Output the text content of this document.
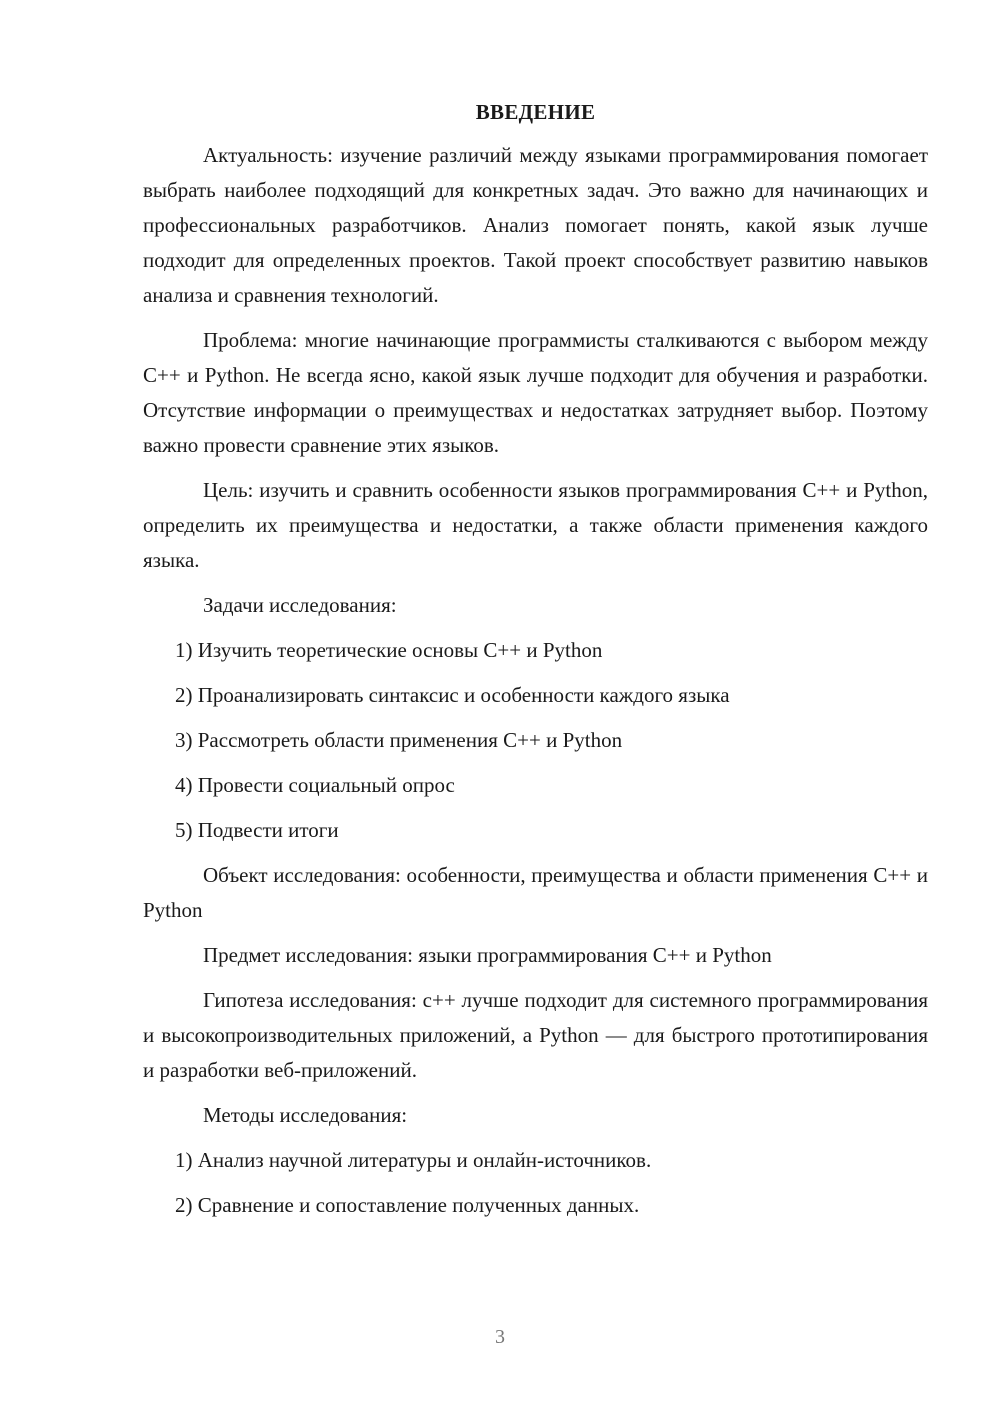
ВВЕДЕНИЕ

Актуальность: изучение различий между языками программирования помогает выбрать наиболее подходящий для конкретных задач. Это важно для начинающих и профессиональных разработчиков. Анализ помогает понять, какой язык лучше подходит для определенных проектов. Такой проект способствует развитию навыков анализа и сравнения технологий.

Проблема: многие начинающие программисты сталкиваются с выбором между C++ и Python. Не всегда ясно, какой язык лучше подходит для обучения и разработки. Отсутствие информации о преимуществах и недостатках затрудняет выбор. Поэтому важно провести сравнение этих языков.

Цель: изучить и сравнить особенности языков программирования C++ и Python, определить их преимущества и недостатки, а также области применения каждого языка.

Задачи исследования:

1) Изучить теоретические основы C++ и Python
2) Проанализировать синтаксис и особенности каждого языка
3) Рассмотреть области применения C++ и Python
4) Провести социальный опрос
5) Подвести итоги

Объект исследования: особенности, преимущества и области применения C++ и Python

Предмет исследования: языки программирования C++ и Python

Гипотеза исследования: с++ лучше подходит для системного программирования и высокопроизводительных приложений, а Python — для быстрого прототипирования и разработки веб-приложений.

Методы исследования:

1) Анализ научной литературы и онлайн-источников.
2) Сравнение и сопоставление полученных данных.
3
